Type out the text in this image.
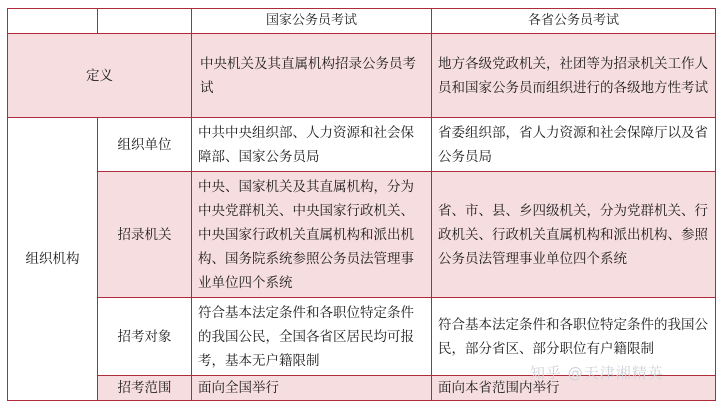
		国家公务员考试	各省公务员考试
定义		中央机关及其直属机构招录公务员考试	地方各级党政机关，社团等为招录机关工作人员和国家公务员而组织进行的各级地方性考试
组织机构	组织单位	中共中央组织部、人力资源和社会保障部、国家公务员局	省委组织部，省人力资源和社会保障厅以及省公务员局
	招录机关	中央、国家机关及其直属机构，分为中央党群机关、中央国家行政机关、中央国家行政机关直属机构和派出机构、国务院系统参照公务员法管理事业单位四个系统	省、市、县、乡四级机关，分为党群机关、行政机关、行政机关直属机构和派出机构、参照公务员法管理事业单位四个系统
	招考对象	符合基本法定条件和各职位特定条件的我国公民，全国各省区居民均可报考，基本无户籍限制	符合基本法定条件和各职位特定条件的我国公民，部分省区、部分职位有户籍限制
	招考范围	面向全国举行	面向本省范围内举行
知乎 @天津湘精英
